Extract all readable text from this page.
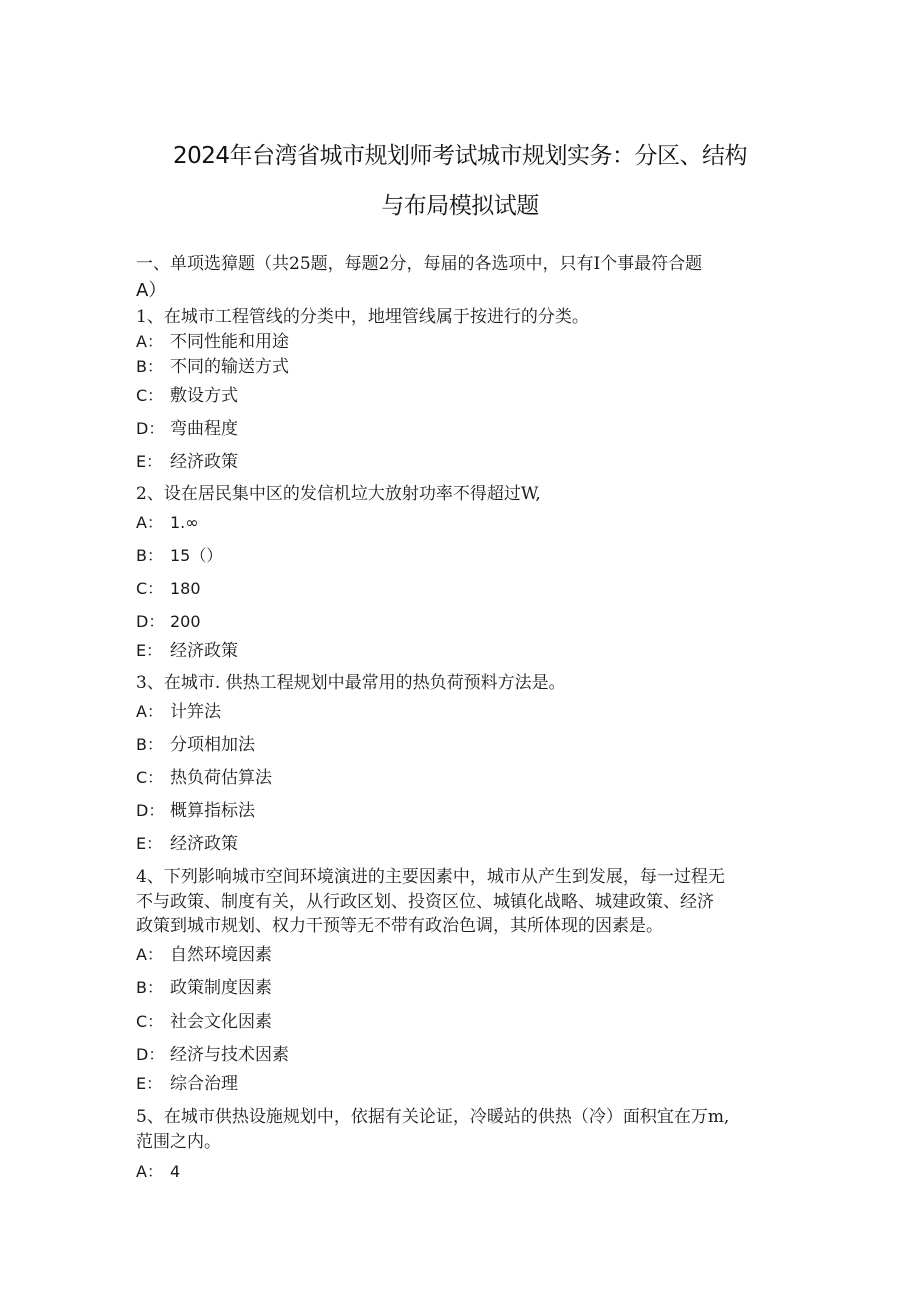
2024年台湾省城市规划师考试城市规划实务：分区、结构
与布局模拟试题
一、单项选獐题（共25题，每题2分，每届的各选项中，只有I个事最符合题
A）
1、在城市工程管线的分类中，地埋管线属于按进行的分类。
A： 不同性能和用途
B： 不同的输送方式
C： 敷设方式
D： 弯曲程度
E： 经济政策
2、设在居民集中区的发信机垃大放射功率不得超过W,
A： 1.∞
B： 15（）
C： 180
D： 200
E： 经济政策
3、在城市. 供热工程规划中最常用的热负荷预料方法是。
A： 计笄法
B： 分项相加法
C： 热负荷估算法
D： 概算指标法
E： 经济政策
4、下列影响城市空间环境演进的主要因素中，城市从产生到发展，每一过程无
不与政策、制度有关，从行政区划、投资区位、城镇化战略、城建政策、经济
政策到城市规划、权力干预等无不带有政治色调，其所体现的因素是。
A： 自然环境因素
B： 政策制度因素
C： 社会文化因素
D： 经济与技术因素
E： 综合治理
5、在城市供热设施规划中，依据有关论证，冷暖站的供热（冷）面积宜在万m,
范围之内。
A： 4
